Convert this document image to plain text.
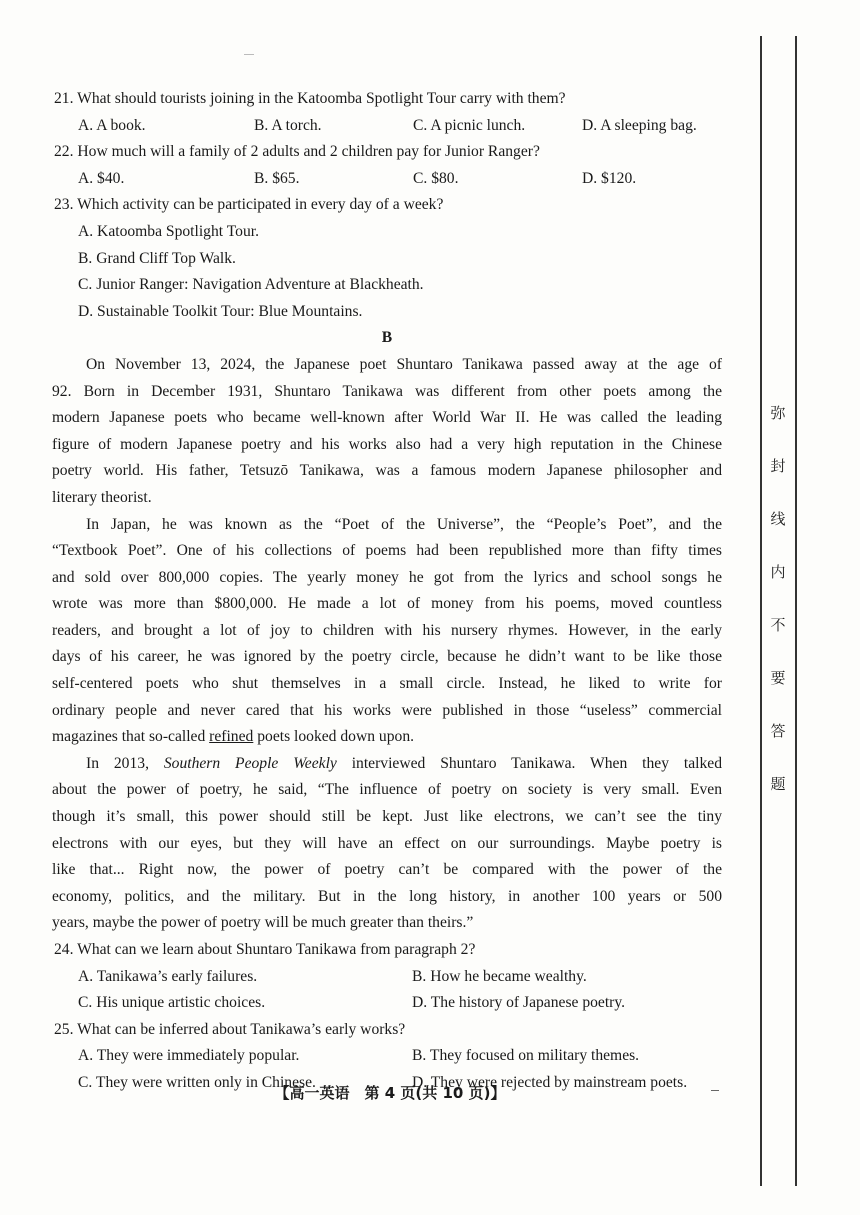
21. What should tourists joining in the Katoomba Spotlight Tour carry with them?
A. A book.	B. A torch.	C. A picnic lunch.	D. A sleeping bag.
22. How much will a family of 2 adults and 2 children pay for Junior Ranger?
A. $40.	B. $65.	C. $80.	D. $120.
23. Which activity can be participated in every day of a week?
A. Katoomba Spotlight Tour.
B. Grand Cliff Top Walk.
C. Junior Ranger: Navigation Adventure at Blackheath.
D. Sustainable Toolkit Tour: Blue Mountains.
B
On November 13, 2024, the Japanese poet Shuntaro Tanikawa passed away at the age of
92. Born in December 1931, Shuntaro Tanikawa was different from other poets among the
modern Japanese poets who became well-known after World War II. He was called the leading
figure of modern Japanese poetry and his works also had a very high reputation in the Chinese
poetry world. His father, Tetsuzō Tanikawa, was a famous modern Japanese philosopher and
literary theorist.
In Japan, he was known as the “Poet of the Universe”, the “People’s Poet”, and the
“Textbook Poet”. One of his collections of poems had been republished more than fifty times
and sold over 800,000 copies. The yearly money he got from the lyrics and school songs he
wrote was more than $800,000. He made a lot of money from his poems, moved countless
readers, and brought a lot of joy to children with his nursery rhymes. However, in the early
days of his career, he was ignored by the poetry circle, because he didn’t want to be like those
self-centered poets who shut themselves in a small circle. Instead, he liked to write for
ordinary people and never cared that his works were published in those “useless” commercial
magazines that so-called refined poets looked down upon.
In 2013, Southern People Weekly interviewed Shuntaro Tanikawa. When they talked
about the power of poetry, he said, “The influence of poetry on society is very small. Even
though it’s small, this power should still be kept. Just like electrons, we can’t see the tiny
electrons with our eyes, but they will have an effect on our surroundings. Maybe poetry is
like that... Right now, the power of poetry can’t be compared with the power of the
economy, politics, and the military. But in the long history, in another 100 years or 500
years, maybe the power of poetry will be much greater than theirs.”
24. What can we learn about Shuntaro Tanikawa from paragraph 2?
A. Tanikawa’s early failures.	B. How he became wealthy.
C. His unique artistic choices.	D. The history of Japanese poetry.
25. What can be inferred about Tanikawa’s early works?
A. They were immediately popular.	B. They focused on military themes.
C. They were written only in Chinese.	D. They were rejected by mainstream poets.
【高一英语　第 4 页(共 10 页)】
弥
封
线
内
不
要
答
题
